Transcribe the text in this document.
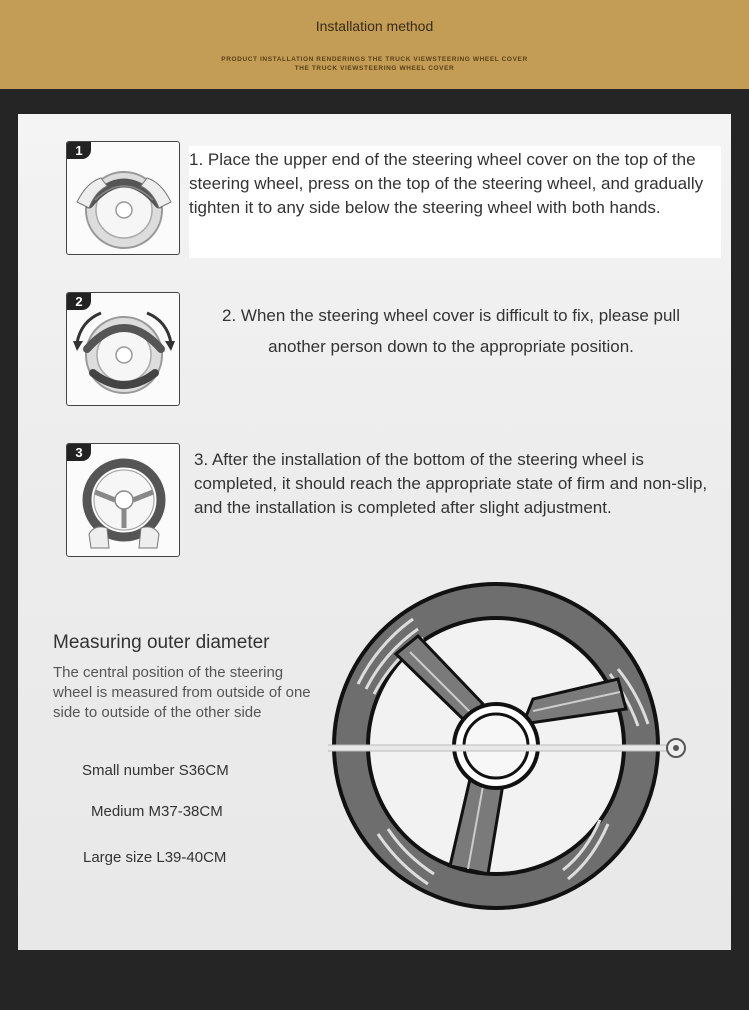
Installation method
PRODUCT INSTALLATION RENDERINGS THE TRUCK VIEWSTEERING WHEEL COVER
THE TRUCK VIEWSTEERING WHEEL COVER
1	1. Place the upper end of the steering wheel cover on the top of the steering wheel, press on the top of the steering wheel, and gradually tighten it to any side below the steering wheel with both hands.
2
2. When the steering wheel cover is difficult to fix, please pull another person down to the appropriate position.
3	3. After the installation of the bottom of the steering wheel is completed, it should reach the appropriate state of firm and non-slip, and the installation is completed after slight adjustment.
Measuring outer diameter
The central position of the steering wheel is measured from outside of one side to outside of the other side
Small number S36CM
Medium M37-38CM
Large size L39-40CM
